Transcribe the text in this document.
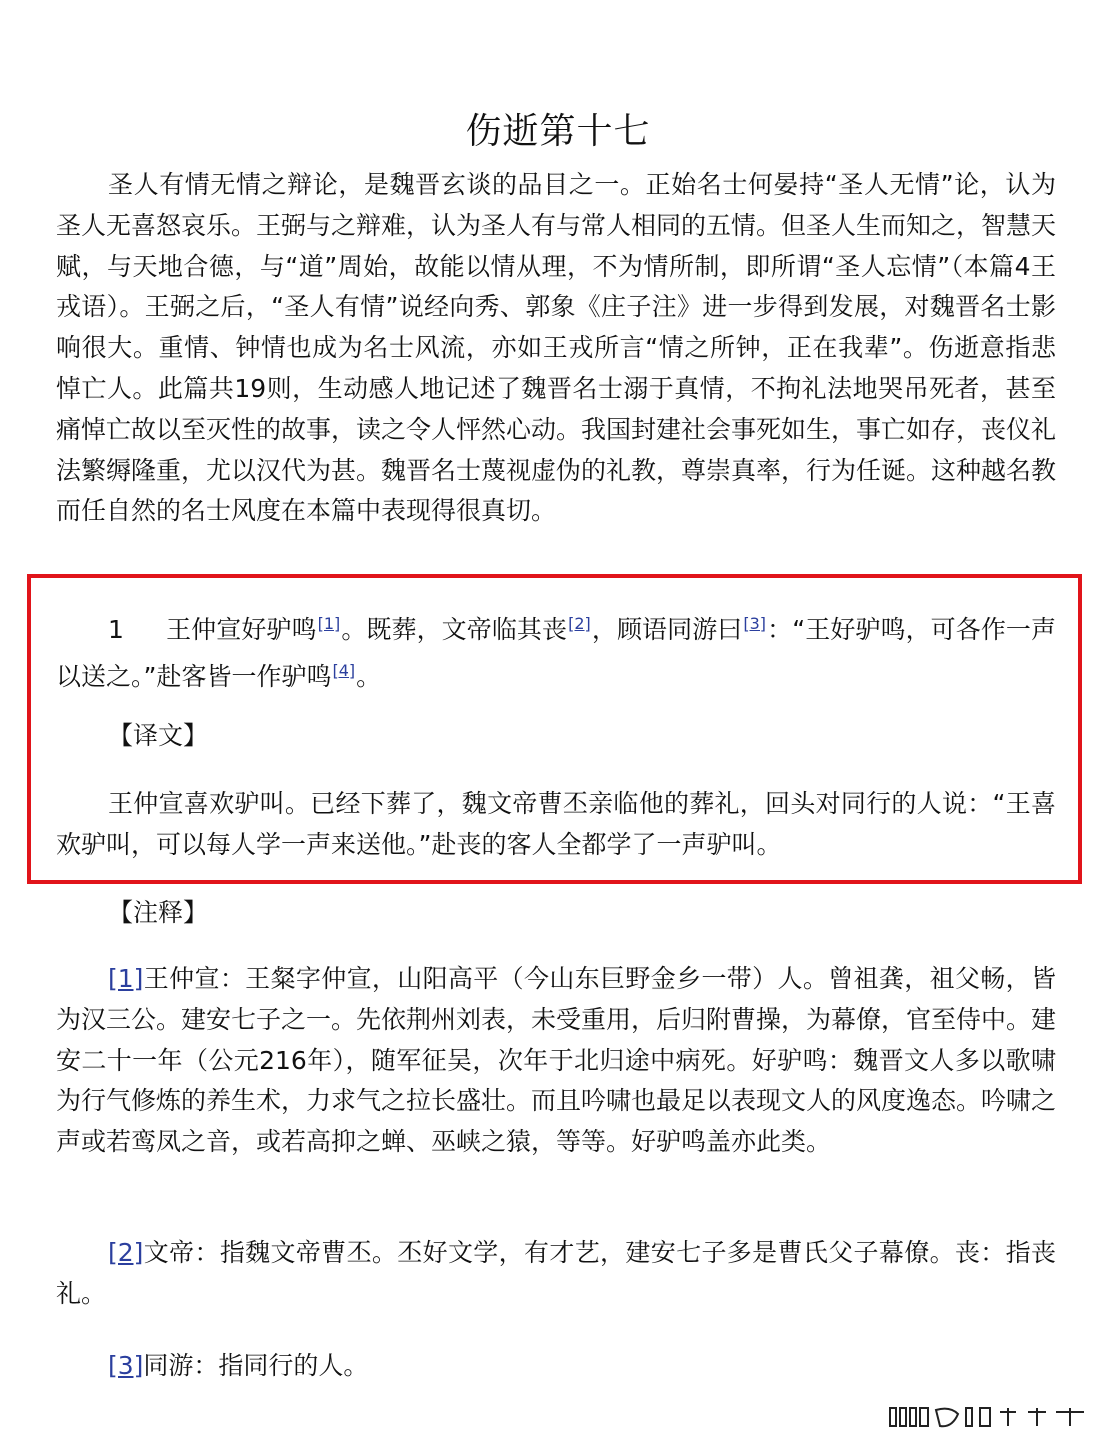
伤逝第十七

圣人有情无情之辩论，是魏晋玄谈的品目之一。正始名士何晏持“圣人无情”论，认为圣人无喜怒哀乐。王弼与之辩难，认为圣人有与常人相同的五情。但圣人生而知之，智慧天赋，与天地合德，与“道”周始，故能以情从理，不为情所制，即所谓“圣人忘情”（本篇4王戎语）。王弼之后，“圣人有情”说经向秀、郭象《庄子注》进一步得到发展，对魏晋名士影响很大。重情、钟情也成为名士风流，亦如王戎所言“情之所钟，正在我辈”。伤逝意指悲悼亡人。此篇共19则，生动感人地记述了魏晋名士溺于真情，不拘礼法地哭吊死者，甚至痛悼亡故以至灭性的故事，读之令人怦然心动。我国封建社会事死如生，事亡如存，丧仪礼法繁缛隆重，尤以汉代为甚。魏晋名士蔑视虚伪的礼教，尊崇真率，行为任诞。这种越名教而任自然的名士风度在本篇中表现得很真切。

1 王仲宣好驴鸣[1]。既葬，文帝临其丧[2]，顾语同游曰[3]：“王好驴鸣，可各作一声以送之。”赴客皆一作驴鸣[4]。

【译文】

王仲宣喜欢驴叫。已经下葬了，魏文帝曹丕亲临他的葬礼，回头对同行的人说：“王喜欢驴叫，可以每人学一声来送他。”赴丧的客人全都学了一声驴叫。

【注释】

[1]王仲宣：王粲字仲宣，山阳高平（今山东巨野金乡一带）人。曾祖龚，祖父畅，皆为汉三公。建安七子之一。先依荆州刘表，未受重用，后归附曹操，为幕僚，官至侍中。建安二十一年（公元216年），随军征吴，次年于北归途中病死。好驴鸣：魏晋文人多以歌啸为行气修炼的养生术，力求气之拉长盛壮。而且吟啸也最足以表现文人的风度逸态。吟啸之声或若鸾凤之音，或若高抑之蝉、巫峡之猿，等等。好驴鸣盖亦此类。

[2]文帝：指魏文帝曹丕。丕好文学，有才艺，建安七子多是曹氏父子幕僚。丧：指丧礼。

[3]同游：指同行的人。
